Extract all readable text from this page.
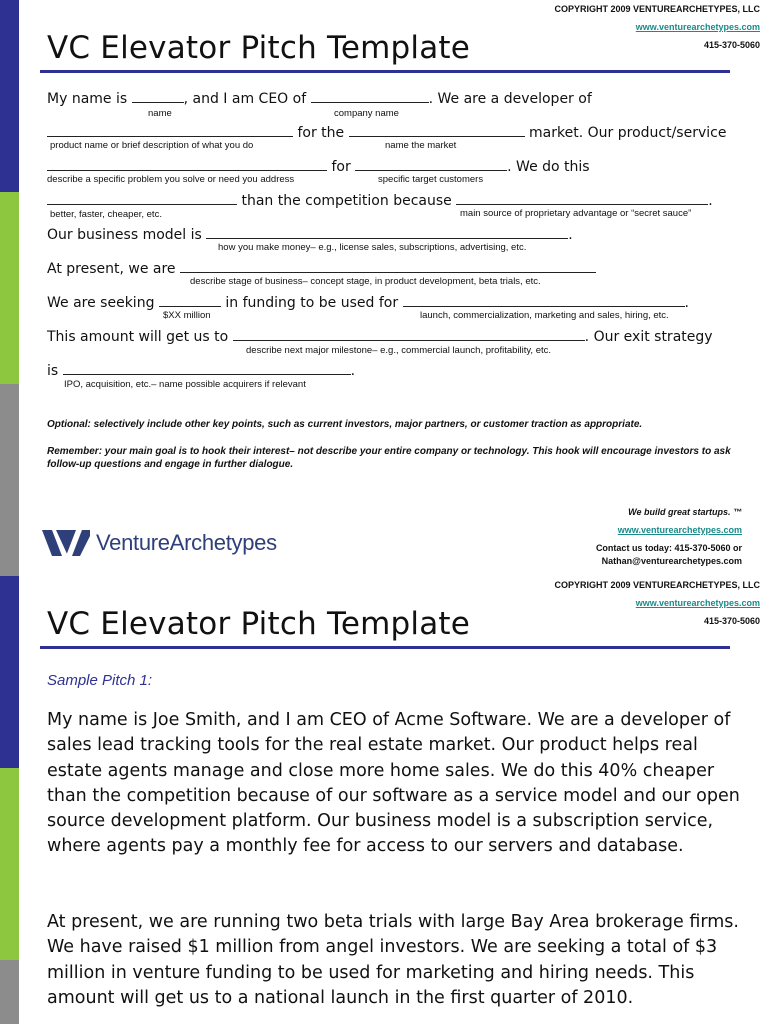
COPYRIGHT 2009 VENTUREARCHETYPES, LLC
www.venturearchetypes.com
415-370-5060
VC Elevator Pitch Template
My name is	, and I am CEO of	. We are a developer of
name	company name
for the	market. Our product/service
product name or brief description of what you do	name the market
for	. We do this
describe a specific problem you solve or need you address	specific target customers
than the competition because	.
better, faster, cheaper, etc.	main source of proprietary advantage or “secret sauce”
Our business model is	.
how you make money– e.g., license sales, subscriptions, advertising, etc.
At present, we are
describe stage of business– concept stage, in product development, beta trials, etc.
We are seeking	in funding to be used for	.
$XX million	launch, commercialization, marketing and sales, hiring, etc.
This amount will get us to	. Our exit strategy
describe next major milestone– e.g., commercial launch, profitability, etc.
is	.
IPO, acquisition, etc.– name possible acquirers if relevant
Optional: selectively include other key points, such as current investors, major partners, or customer traction as appropriate.
Remember: your main goal is to hook their interest– not describe your entire company or technology. This hook will encourage investors to ask follow-up questions and engage in further dialogue.
We build great startups. ™
www.venturearchetypes.com
Contact us today: 415-370-5060 or
Nathan@venturearchetypes.com
VentureArchetypes
COPYRIGHT 2009 VENTUREARCHETYPES, LLC
www.venturearchetypes.com
415-370-5060
VC Elevator Pitch Template
Sample Pitch 1:

My name is Joe Smith, and I am CEO of Acme Software. We are a developer of sales lead tracking tools for the real estate market. Our product helps real estate agents manage and close more home sales. We do this 40% cheaper than the competition because of our software as a service model and our open source development platform. Our business model is a subscription service, where agents pay a monthly fee for access to our servers and database.

At present, we are running two beta trials with large Bay Area brokerage firms. We have raised $1 million from angel investors. We are seeking a total of $3 million in venture funding to be used for marketing and hiring needs. This amount will get us to a national launch in the first quarter of 2010.
